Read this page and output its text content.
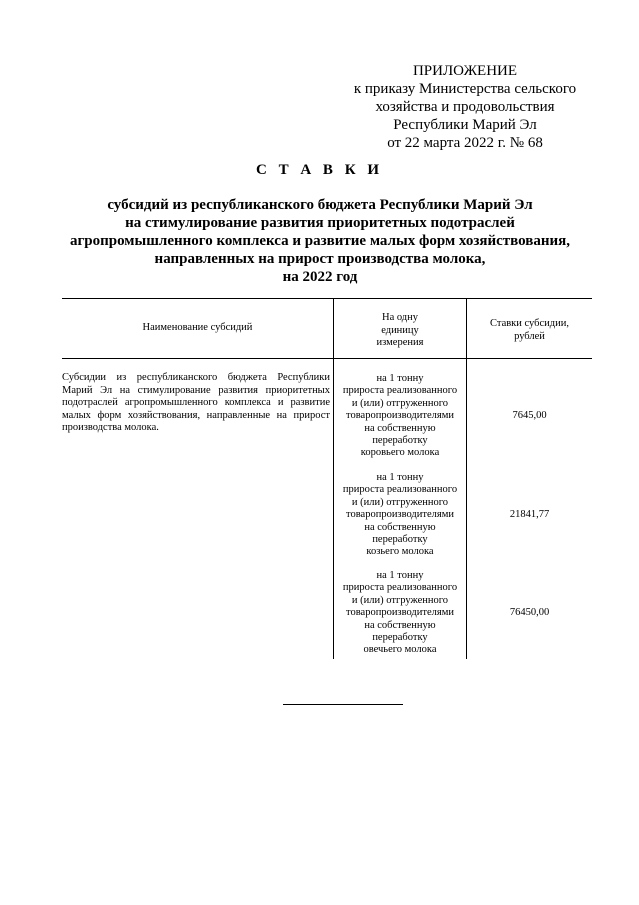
ПРИЛОЖЕНИЕ
к приказу Министерства сельского
хозяйства и продовольствия
Республики Марий Эл
от 22 марта 2022 г. № 68
С Т А В К И
субсидий из республиканского бюджета Республики Марий Эл
на стимулирование развития приоритетных подотраслей
агропромышленного комплекса и развитие малых форм хозяйствования,
направленных на прирост производства молока,
на 2022 год
Наименование субсидий
На одну
единицу
измерения
Ставки субсидии,
рублей
Субсидии из республиканского бюджета Республики Марий Эл на стимулирование развития приоритетных подотраслей агропромышленного комплекса и развитие малых форм хозяйствования, направленные на прирост производства молока.
на 1 тонну
прироста реализованного
и (или) отгруженного
товаропроизводителями
на собственную
переработку
коровьего молока
7645,00
на 1 тонну
прироста реализованного
и (или) отгруженного
товаропроизводителями
на собственную
переработку
козьего молока
21841,77
на 1 тонну
прироста реализованного
и (или) отгруженного
товаропроизводителями
на собственную
переработку
овечьего молока
76450,00
